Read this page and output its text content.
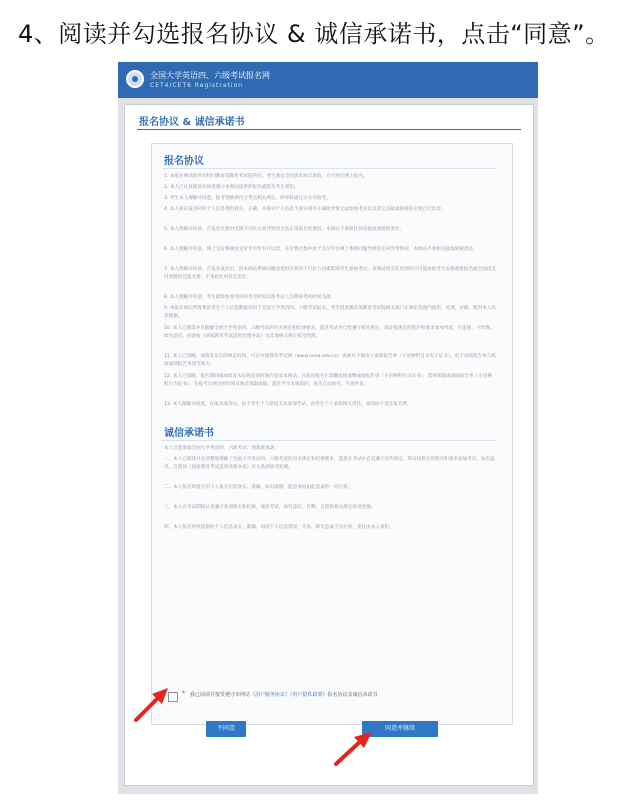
4、阅读并勾选报名协议 & 诚信承诺书，点击“同意”。
全国大学英语四、六级考试报名网
CET4/CET6 Registration
报名协议 & 诚信承诺书
报名协议
1. 本报名网站的所有权归教育部教育考试院所有。考生须完全同意本协议条款，方可进行网上报名。
2. 本人已认真阅读并同意遵守本网站提供的报名流程及考生须知。
3. 考生本人理解并同意，报考资格须符合考点相关规定，经审核通过后方可报考。
4. 本人保证报名时的个人信息资料真实、正确，并将对个人信息不真实或不正确而导致无法参加考试以及其它直接或间接的后果自行负责。
5. 本人理解并同意，在报名过程中出现不可抗力而导致的无法正常报名的情况，本网站不承担任何直接或间接的责任。
6. 本人理解并同意，网上支付系统由支付平台所有并运营，在付费过程中由于支付平台网上系统问题导致的任何异常情况，本网站不承担直接或间接责任。
7. 本人理解并同意，在报名成功后，因本网站系统问题而提供有效的不可抗力因素影响考生参加考试，本网站将会在范围内尽可能协助考生安排重新报名或全面按支付原路退还报名费，不承担任何其它责任。
8. 本人理解并同意，考生最终参加考试的考点时间以准考证上注明的考试时间为准。
9. 本报名网站所收集的考生个人信息数据仅用于全国大学英语四、六级考试报名、考生同意教育部教育考试院相关部门在规定范围内使用、处理、存储、使用本人信息数据。
10. 本人已阅读并且理解全国大学英语四、六级考试的有关规定和纪律要求，愿意考试中自觉遵守相关规定，保证按规定的程序和要求参加考试，不违规、不作弊。如有违反，同意按《国家教育考试违规处理办法》及其他相关规定接受处理。
11. 本人已知晓，成绩发布后的规定时间，可在中国教育考试网（www.neea.edu.cn）查看并下载电子成绩报告单（小语种科目为电子证书），电子成绩报告单与纸质成绩报告单同等效力。
12. 本人已知晓，报名期间或成绩发布后规定的时间内登录本网站，目前由报名后需翻成绩或缴成绩报告单（小语种科目为证书），选择领取或成绩报告单（小语种科目为证书）。在报考点规定的时间及地点领取成绩。超过半年未领取的，视为自动放弃，不再补发。
13. 本人理解并同意，在报名成功后，由于考生个人原因无法参加考试，由考生个人承担相关责任，本网站不退还报名费。
诚信承诺书
本人自愿参加全国大学英语四、六级考试，现郑重承诺：
一、本人已阅读并且清楚地理解了全国大学英语四、六级考试的有关规定和纪律要求，愿意在考试中自觉遵守这些规定，保证按规定的程序和要求参加考试，如有违反，自愿按《国家教育考试违规处理办法》有关条款接受处理。
二、本人报名时提交的个人报名信息真实、准确，如有虚假，愿意承担由此造成的一切后果。
三、本人在考试期间认真遵守各项规定和纪律，诚信考试，如有违纪、作弊，自愿按相关规定接受处理。
四、本人报名时所提供的个人信息真实、准确，如因个人信息错误、失真、缺失造成不良后果，责任由本人承担。
* 我已阅读并接受遵守本网站《用户服务协议》《用户隐私政策》报名协议及诚信承诺书
不同意	同意并继续
